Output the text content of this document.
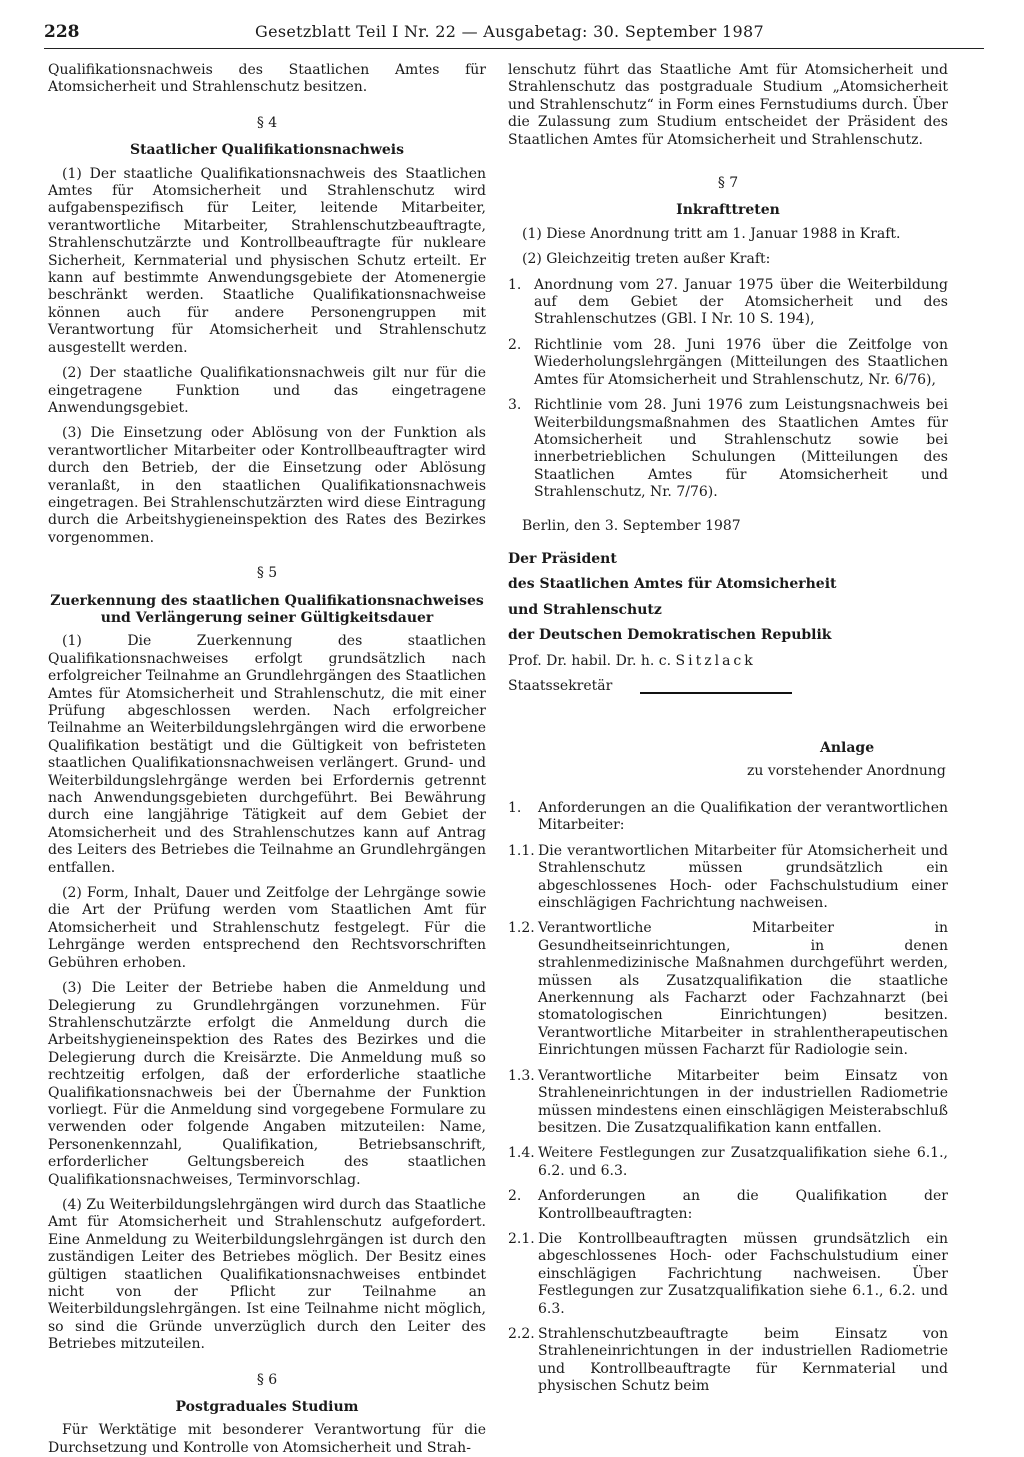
228	Gesetzblatt Teil I Nr. 22 — Ausgabetag: 30. September 1987

Qualifikationsnachweis des Staatlichen Amtes für Atomsicherheit und Strahlenschutz besitzen.

§ 4
Staatlicher Qualifikationsnachweis

(1) Der staatliche Qualifikationsnachweis des Staatlichen Amtes für Atomsicherheit und Strahlenschutz wird aufgabenspezifisch für Leiter, leitende Mitarbeiter, verantwortliche Mitarbeiter, Strahlenschutzbeauftragte, Strahlenschutzärzte und Kontrollbeauftragte für nukleare Sicherheit, Kernmaterial und physischen Schutz erteilt. Er kann auf bestimmte Anwendungsgebiete der Atomenergie beschränkt werden. Staatliche Qualifikationsnachweise können auch für andere Personengruppen mit Verantwortung für Atomsicherheit und Strahlenschutz ausgestellt werden.

(2) Der staatliche Qualifikationsnachweis gilt nur für die eingetragene Funktion und das eingetragene Anwendungsgebiet.

(3) Die Einsetzung oder Ablösung von der Funktion als verantwortlicher Mitarbeiter oder Kontrollbeauftragter wird durch den Betrieb, der die Einsetzung oder Ablösung veranlaßt, in den staatlichen Qualifikationsnachweis eingetragen. Bei Strahlenschutzärzten wird diese Eintragung durch die Arbeitshygieneinspektion des Rates des Bezirkes vorgenommen.

§ 5
Zuerkennung des staatlichen Qualifikationsnachweises
und Verlängerung seiner Gültigkeitsdauer

(1) Die Zuerkennung des staatlichen Qualifikationsnachweises erfolgt grundsätzlich nach erfolgreicher Teilnahme an Grundlehrgängen des Staatlichen Amtes für Atomsicherheit und Strahlenschutz, die mit einer Prüfung abgeschlossen werden. Nach erfolgreicher Teilnahme an Weiterbildungslehrgängen wird die erworbene Qualifikation bestätigt und die Gültigkeit von befristeten staatlichen Qualifikationsnachweisen verlängert. Grund- und Weiterbildungslehrgänge werden bei Erfordernis getrennt nach Anwendungsgebieten durchgeführt. Bei Bewährung durch eine langjährige Tätigkeit auf dem Gebiet der Atomsicherheit und des Strahlenschutzes kann auf Antrag des Leiters des Betriebes die Teilnahme an Grundlehrgängen entfallen.

(2) Form, Inhalt, Dauer und Zeitfolge der Lehrgänge sowie die Art der Prüfung werden vom Staatlichen Amt für Atomsicherheit und Strahlenschutz festgelegt. Für die Lehrgänge werden entsprechend den Rechtsvorschriften Gebühren erhoben.

(3) Die Leiter der Betriebe haben die Anmeldung und Delegierung zu Grundlehrgängen vorzunehmen. Für Strahlenschutzärzte erfolgt die Anmeldung durch die Arbeitshygieneinspektion des Rates des Bezirkes und die Delegierung durch die Kreisärzte. Die Anmeldung muß so rechtzeitig erfolgen, daß der erforderliche staatliche Qualifikationsnachweis bei der Übernahme der Funktion vorliegt. Für die Anmeldung sind vorgegebene Formulare zu verwenden oder folgende Angaben mitzuteilen: Name, Personenkennzahl, Qualifikation, Betriebsanschrift, erforderlicher Geltungsbereich des staatlichen Qualifikationsnachweises, Terminvorschlag.

(4) Zu Weiterbildungslehrgängen wird durch das Staatliche Amt für Atomsicherheit und Strahlenschutz aufgefordert. Eine Anmeldung zu Weiterbildungslehrgängen ist durch den zuständigen Leiter des Betriebes möglich. Der Besitz eines gültigen staatlichen Qualifikationsnachweises entbindet nicht von der Pflicht zur Teilnahme an Weiterbildungslehrgängen. Ist eine Teilnahme nicht möglich, so sind die Gründe unverzüglich durch den Leiter des Betriebes mitzuteilen.

§ 6
Postgraduales Studium

Für Werktätige mit besonderer Verantwortung für die Durchsetzung und Kontrolle von Atomsicherheit und Strah-

lenschutz führt das Staatliche Amt für Atomsicherheit und Strahlenschutz das postgraduale Studium „Atomsicherheit und Strahlenschutz“ in Form eines Fernstudiums durch. Über die Zulassung zum Studium entscheidet der Präsident des Staatlichen Amtes für Atomsicherheit und Strahlenschutz.

§ 7
Inkrafttreten

(1) Diese Anordnung tritt am 1. Januar 1988 in Kraft.

(2) Gleichzeitig treten außer Kraft:

1. Anordnung vom 27. Januar 1975 über die Weiterbildung auf dem Gebiet der Atomsicherheit und des Strahlenschutzes (GBl. I Nr. 10 S. 194),
2. Richtlinie vom 28. Juni 1976 über die Zeitfolge von Wiederholungslehrgängen (Mitteilungen des Staatlichen Amtes für Atomsicherheit und Strahlenschutz, Nr. 6/76),
3. Richtlinie vom 28. Juni 1976 zum Leistungsnachweis bei Weiterbildungsmaßnahmen des Staatlichen Amtes für Atomsicherheit und Strahlenschutz sowie bei innerbetrieblichen Schulungen (Mitteilungen des Staatlichen Amtes für Atomsicherheit und Strahlenschutz, Nr. 7/76).

Berlin, den 3. September 1987

Der Präsident

des Staatlichen Amtes für Atomsicherheit

und Strahlenschutz

der Deutschen Demokratischen Republik

Prof. Dr. habil. Dr. h. c. Sitzlack

Staatssekretär

Anlage
zu vorstehender Anordnung
1.	Anforderungen an die Qualifikation der verantwortlichen Mitarbeiter:
1.1. Die verantwortlichen Mitarbeiter für Atomsicherheit und Strahlenschutz müssen grundsätzlich ein abgeschlossenes Hoch- oder Fachschulstudium einer einschlägigen Fachrichtung nachweisen.
1.2. Verantwortliche Mitarbeiter in Gesundheitseinrichtungen, in denen strahlenmedizinische Maßnahmen durchgeführt werden, müssen als Zusatzqualifikation die staatliche Anerkennung als Facharzt oder Fachzahnarzt (bei stomatologischen Einrichtungen) besitzen. Verantwortliche Mitarbeiter in strahlentherapeutischen Einrichtungen müssen Facharzt für Radiologie sein.
1.3. Verantwortliche Mitarbeiter beim Einsatz von Strahleneinrichtungen in der industriellen Radiometrie müssen mindestens einen einschlägigen Meisterabschluß besitzen. Die Zusatzqualifikation kann entfallen.
1.4. Weitere Festlegungen zur Zusatzqualifikation siehe 6.1., 6.2. und 6.3.
2.	Anforderungen an die Qualifikation der Kontrollbeauftragten:
2.1. Die Kontrollbeauftragten müssen grundsätzlich ein abgeschlossenes Hoch- oder Fachschulstudium einer einschlägigen Fachrichtung nachweisen. Über Festlegungen zur Zusatzqualifikation siehe 6.1., 6.2. und 6.3.
2.2. Strahlenschutzbeauftragte beim Einsatz von Strahleneinrichtungen in der industriellen Radiometrie und Kontrollbeauftragte für Kernmaterial und physischen Schutz beim
